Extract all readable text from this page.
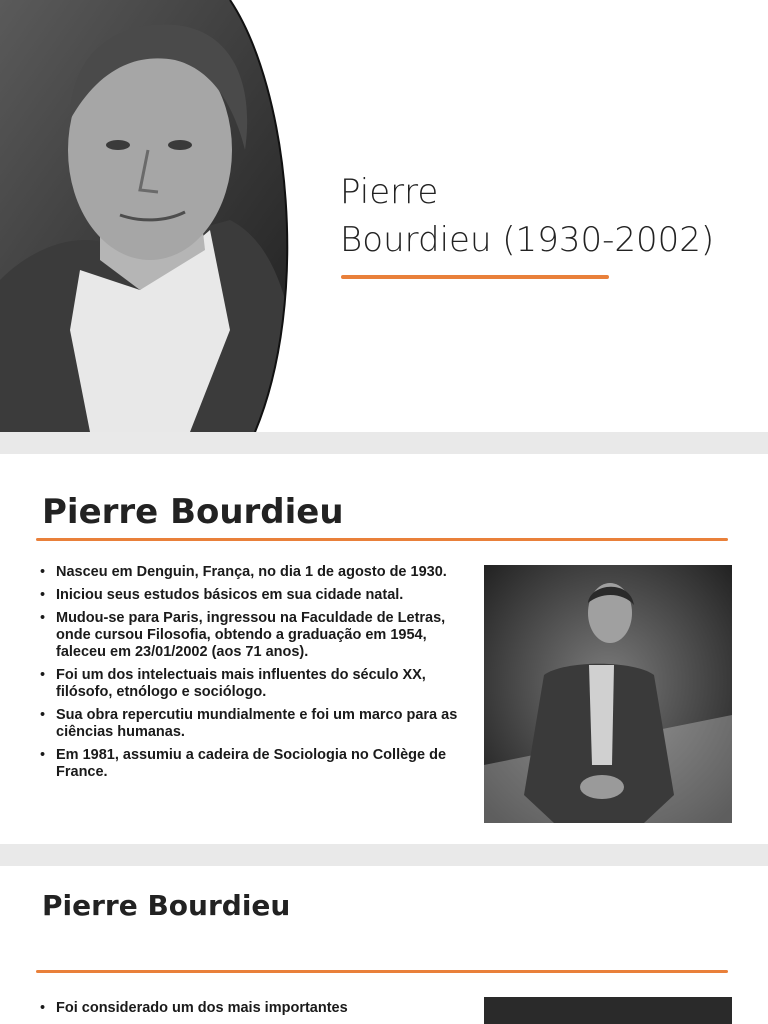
Pierre
Bourdieu (1930-2002)
Pierre Bourdieu
• Nasceu em Denguin, França, no dia 1 de agosto de 1930.
• Iniciou seus estudos básicos em sua cidade natal.
• Mudou-se para Paris, ingressou na Faculdade de Letras, onde cursou Filosofia, obtendo a graduação em 1954, faleceu em 23/01/2002 (aos 71 anos).
• Foi um dos intelectuais mais influentes do século XX, filósofo, etnólogo e sociólogo.
• Sua obra repercutiu mundialmente e foi um marco para as ciências humanas.
• Em 1981, assumiu a cadeira de Sociologia no Collège de France.
Pierre Bourdieu
• Foi considerado um dos mais importantes
